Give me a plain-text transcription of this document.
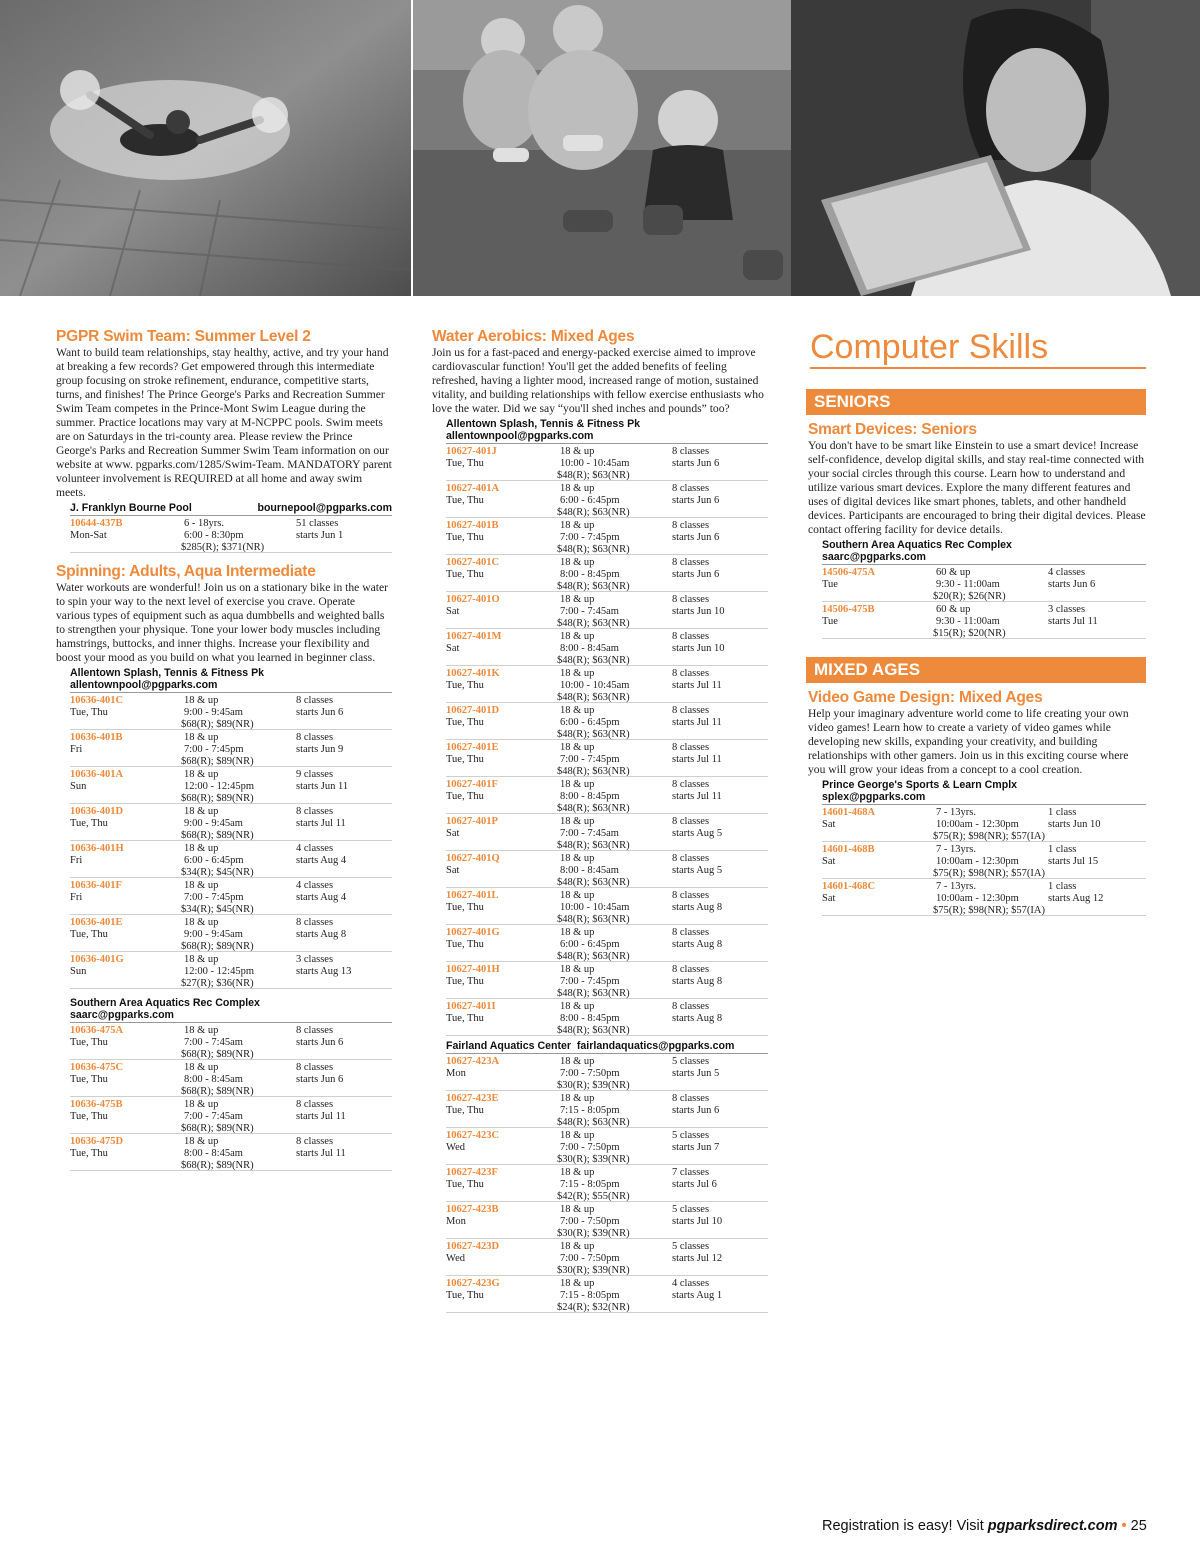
PGPR Swim Team: Summer Level 2

Want to build team relationships, stay healthy, active, and try your hand at breaking a few records? Get empowered through this intermediate group focusing on stroke refinement, endurance, competitive starts, turns, and finishes! The Prince George's Parks and Recreation Summer Swim Team competes in the Prince-Mont Swim League during the summer. Practice locations may vary at M-NCPPC pools. Swim meets are on Saturdays in the tri-county area. Please review the Prince George's Parks and Recreation Summer Swim Team information on our website at www. pgparks.com/1285/Swim-Team. MANDATORY parent volunteer involvement is REQUIRED at all home and away swim meets.

J. Franklyn Bourne Pool	bournepool@pgparks.com
10644-437B
Mon-Sat
6 - 18yrs.
6:00 - 8:30pm
$285(R); $371(NR)
51 classes
starts Jun 1
Spinning: Adults, Aqua Intermediate

Water workouts are wonderful! Join us on a stationary bike in the water to spin your way to the next level of exercise you crave. Operate various types of equipment such as aqua dumbbells and weighted balls to strengthen your physique. Tone your lower body muscles including hamstrings, buttocks, and inner thighs. Increase your flexibility and boost your mood as you build on what you learned in beginner class.

Allentown Splash, Tennis & Fitness Pk
allentownpool@pgparks.com
10636-401C
Tue, Thu
18 & up
9:00 - 9:45am
$68(R); $89(NR)
8 classes
starts Jun 6
10636-401B
Fri
18 & up
7:00 - 7:45pm
$68(R); $89(NR)
8 classes
starts Jun 9
10636-401A
Sun
18 & up
12:00 - 12:45pm
$68(R); $89(NR)
9 classes
starts Jun 11
10636-401D
Tue, Thu
18 & up
9:00 - 9:45am
$68(R); $89(NR)
8 classes
starts Jul 11
10636-401H
Fri
18 & up
6:00 - 6:45pm
$34(R); $45(NR)
4 classes
starts Aug 4
10636-401F
Fri
18 & up
7:00 - 7:45pm
$34(R); $45(NR)
4 classes
starts Aug 4
10636-401E
Tue, Thu
18 & up
9:00 - 9:45am
$68(R); $89(NR)
8 classes
starts Aug 8
10636-401G
Sun
18 & up
12:00 - 12:45pm
$27(R); $36(NR)
3 classes
starts Aug 13
Southern Area Aquatics Rec Complex
saarc@pgparks.com
10636-475A
Tue, Thu
18 & up
7:00 - 7:45am
$68(R); $89(NR)
8 classes
starts Jun 6
10636-475C
Tue, Thu
18 & up
8:00 - 8:45am
$68(R); $89(NR)
8 classes
starts Jun 6
10636-475B
Tue, Thu
18 & up
7:00 - 7:45am
$68(R); $89(NR)
8 classes
starts Jul 11
10636-475D
Tue, Thu
18 & up
8:00 - 8:45am
$68(R); $89(NR)
8 classes
starts Jul 11
Water Aerobics: Mixed Ages

Join us for a fast-paced and energy-packed exercise aimed to improve cardiovascular function! You'll get the added benefits of feeling refreshed, having a lighter mood, increased range of motion, sustained vitality, and building relationships with fellow exercise enthusiasts who love the water. Did we say “you'll shed inches and pounds” too?

Allentown Splash, Tennis & Fitness Pk
allentownpool@pgparks.com
10627-401J
Tue, Thu
18 & up
10:00 - 10:45am
$48(R); $63(NR)
8 classes
starts Jun 6
10627-401A
Tue, Thu
18 & up
6:00 - 6:45pm
$48(R); $63(NR)
8 classes
starts Jun 6
10627-401B
Tue, Thu
18 & up
7:00 - 7:45pm
$48(R); $63(NR)
8 classes
starts Jun 6
10627-401C
Tue, Thu
18 & up
8:00 - 8:45pm
$48(R); $63(NR)
8 classes
starts Jun 6
10627-401O
Sat
18 & up
7:00 - 7:45am
$48(R); $63(NR)
8 classes
starts Jun 10
10627-401M
Sat
18 & up
8:00 - 8:45am
$48(R); $63(NR)
8 classes
starts Jun 10
10627-401K
Tue, Thu
18 & up
10:00 - 10:45am
$48(R); $63(NR)
8 classes
starts Jul 11
10627-401D
Tue, Thu
18 & up
6:00 - 6:45pm
$48(R); $63(NR)
8 classes
starts Jul 11
10627-401E
Tue, Thu
18 & up
7:00 - 7:45pm
$48(R); $63(NR)
8 classes
starts Jul 11
10627-401F
Tue, Thu
18 & up
8:00 - 8:45pm
$48(R); $63(NR)
8 classes
starts Jul 11
10627-401P
Sat
18 & up
7:00 - 7:45am
$48(R); $63(NR)
8 classes
starts Aug 5
10627-401Q
Sat
18 & up
8:00 - 8:45am
$48(R); $63(NR)
8 classes
starts Aug 5
10627-401L
Tue, Thu
18 & up
10:00 - 10:45am
$48(R); $63(NR)
8 classes
starts Aug 8
10627-401G
Tue, Thu
18 & up
6:00 - 6:45pm
$48(R); $63(NR)
8 classes
starts Aug 8
10627-401H
Tue, Thu
18 & up
7:00 - 7:45pm
$48(R); $63(NR)
8 classes
starts Aug 8
10627-401I
Tue, Thu
18 & up
8:00 - 8:45pm
$48(R); $63(NR)
8 classes
starts Aug 8
Fairland Aquatics Center fairlandaquatics@pgparks.com
10627-423A
Mon
18 & up
7:00 - 7:50pm
$30(R); $39(NR)
5 classes
starts Jun 5
10627-423E
Tue, Thu
18 & up
7:15 - 8:05pm
$48(R); $63(NR)
8 classes
starts Jun 6
10627-423C
Wed
18 & up
7:00 - 7:50pm
$30(R); $39(NR)
5 classes
starts Jun 7
10627-423F
Tue, Thu
18 & up
7:15 - 8:05pm
$42(R); $55(NR)
7 classes
starts Jul 6
10627-423B
Mon
18 & up
7:00 - 7:50pm
$30(R); $39(NR)
5 classes
starts Jul 10
10627-423D
Wed
18 & up
7:00 - 7:50pm
$30(R); $39(NR)
5 classes
starts Jul 12
10627-423G
Tue, Thu
18 & up
7:15 - 8:05pm
$24(R); $32(NR)
4 classes
starts Aug 1
Computer Skills
SENIORS
Smart Devices: Seniors

You don't have to be smart like Einstein to use a smart device! Increase self-confidence, develop digital skills, and stay real-time connected with your social circles through this course. Learn how to understand and utilize various smart devices. Explore the many different features and uses of digital devices like smart phones, tablets, and other handheld devices. Participants are encouraged to bring their digital devices. Please contact offering facility for device details.

Southern Area Aquatics Rec Complex
saarc@pgparks.com
14506-475A
Tue
60 & up
9:30 - 11:00am
$20(R); $26(NR)
4 classes
starts Jun 6
14506-475B
Tue
60 & up
9:30 - 11:00am
$15(R); $20(NR)
3 classes
starts Jul 11
MIXED AGES
Video Game Design: Mixed Ages

Help your imaginary adventure world come to life creating your own video games! Learn how to create a variety of video games while developing new skills, expanding your creativity, and building relationships with other gamers. Join us in this exciting course where you will grow your ideas from a concept to a cool creation.

Prince George's Sports & Learn Cmplx
splex@pgparks.com
14601-468A
Sat
7 - 13yrs.
10:00am - 12:30pm
$75(R); $98(NR); $57(IA)
1 class
starts Jun 10
14601-468B
Sat
7 - 13yrs.
10:00am - 12:30pm
$75(R); $98(NR); $57(IA)
1 class
starts Jul 15
14601-468C
Sat
7 - 13yrs.
10:00am - 12:30pm
$75(R); $98(NR); $57(IA)
1 class
starts Aug 12
Registration is easy! Visit pgparksdirect.com • 25
